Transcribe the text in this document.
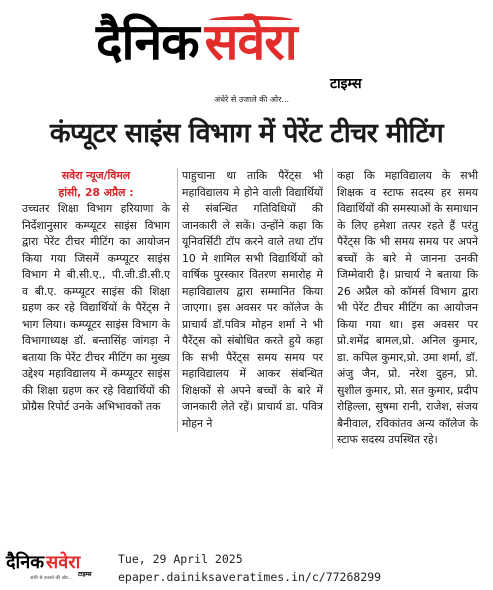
दैनिक सवेरा
टाइम्स
अंधेरे से उजाले की ओर...
कंप्यूटर साइंस विभाग में पेरेंट टीचर मीटिंग
सवेरा न्यूज/विमल
हांसी, 28 अप्रैल :
उच्चतर शिक्षा विभाग हरियाणा के निर्देशानुसार कम्प्यूटर साइंस विभाग द्वारा पेरेंट टीचर मीटिंग का आयोजन किया गया जिसमें कम्प्यूटर साइंस विभाग मे बी.सी.ए., पी.जी.डी.सी.ए व बी.ए. कम्प्यूटर साइंस की शिक्षा ग्रहण कर रहे विद्यार्थियों के पैरेंट्स ने भाग लिया। कम्प्यूटर साइंस विभाग के विभागाध्यक्ष डॉ. बन्तासिंह जांगड़ा ने बताया कि पेरेंट टीचर मीटिंग का मुख्य उद्देश्य महाविद्यालय में कम्प्यूटर साइंस की शिक्षा ग्रहण कर रहे विद्यार्थियों की प्रोग्रैस रिपोर्ट उनके अभिभावकों तक
पाहुचाना था ताकि पैरेंट्स भी महाविद्यालय मे होने वाली विद्यार्थियों से संबन्धित गतिविधियों की जानकारी ले सकें। उन्होंने कहा कि यूनिवर्सिटी टॉप करने वाले तथा टॉप 10 मे शामिल सभी विद्यार्थियों को वार्षिक पुरस्कार वितरण समारोह मे महाविद्यालय द्वारा सम्मानित किया जाएगा। इस अवसर पर कॉलेज के प्राचार्य डॉ.पवित्र मोहन शर्मा ने भी पैरेंट्स को संबोधित करते हुये कहा कि सभी पैरेंट्स समय समय पर महाविद्यालय में आकर संबन्धित शिक्षकों से अपने बच्चों के बारे में जानकारी लेते रहें। प्राचार्य डा. पवित्र मोहन ने
कहा कि महाविद्यालय के सभी शिक्षक व स्टाफ सदस्य हर समय विद्यार्थियों की समस्याओं के समाधान के लिए हमेशा तत्पर रहते हैं परंतु पैरेंट्स कि भी समय समय पर अपने बच्चों के बारे मे जानना उनकी जिम्मेवारी है। प्राचार्य ने बताया कि 26 अप्रैल को कॉमर्स विभाग द्वारा भी पेरेंट टीचर मीटिंग का आयोजन किया गया था। इस अवसर पर प्रो.शमेंद्र बामल,प्रो. अनिल कुमार, डा. कपिल कुमार,प्रो. उमा शर्मा, डॉ. अंजु जैन, प्रो. नरेश दुहन, प्रो. सुशील कुमार, प्रो. सत कुमार, प्रदीप रोहिल्ला, सुषमा रानी, राजेश, संजय बैनीवाल, रविकांतव अन्य कॉलेज के स्टाफ सदस्य उपस्थित रहे।
दैनिक सवेरा
टाइम्स
अंधेरे से उजाले की ओर...
Tue, 29 April 2025
epaper.dainiksaveratimes.in/c/77268299
